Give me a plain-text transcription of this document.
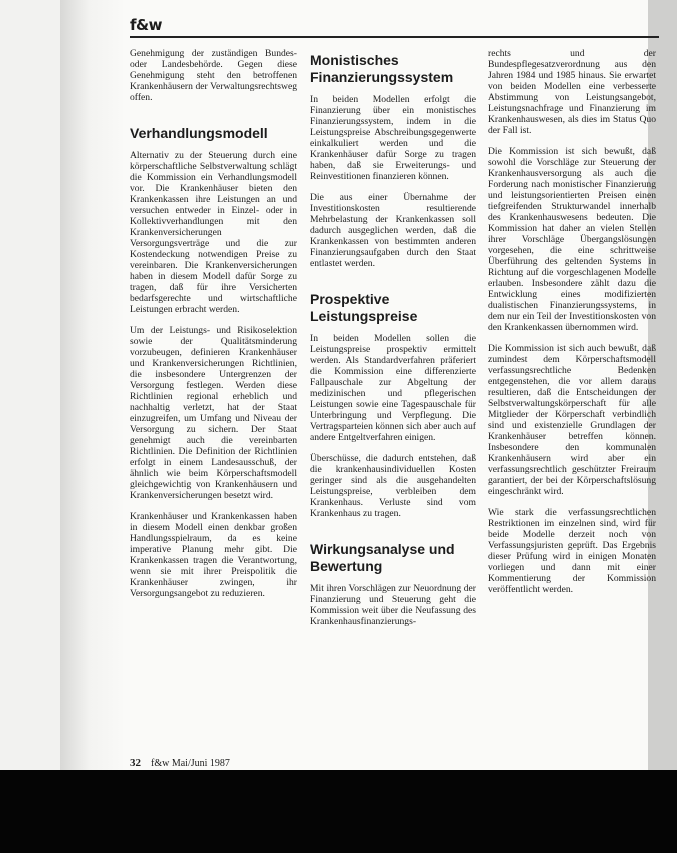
f&w

Genehmigung der zuständigen Bundes- oder Landesbehörde. Gegen diese Genehmigung steht den betroffenen Krankenhäusern der Verwaltungsrechtsweg offen.

Verhandlungsmodell

Alternativ zu der Steuerung durch eine körperschaftliche Selbstverwaltung schlägt die Kommission ein Verhandlungsmodell vor. Die Krankenhäuser bieten den Krankenkassen ihre Leistungen an und versuchen entweder in Einzel- oder in Kollektivverhandlungen mit den Krankenversicherungen Versorgungsverträge und die zur Kostendeckung notwendigen Preise zu vereinbaren. Die Krankenversicherungen haben in diesem Modell dafür Sorge zu tragen, daß für ihre Versicherten bedarfsgerechte und wirtschaftliche Leistungen erbracht werden.

Um der Leistungs- und Risikoselektion sowie der Qualitätsminderung vorzubeugen, definieren Krankenhäuser und Krankenversicherungen Richtlinien, die insbesondere Untergrenzen der Versorgung festlegen. Werden diese Richtlinien regional erheblich und nachhaltig verletzt, hat der Staat einzugreifen, um Umfang und Niveau der Versorgung zu sichern. Der Staat genehmigt auch die vereinbarten Richtlinien. Die Definition der Richtlinien erfolgt in einem Landesausschuß, der ähnlich wie beim Körperschaftsmodell gleichgewichtig von Krankenhäusern und Krankenversicherungen besetzt wird.

Krankenhäuser und Krankenkassen haben in diesem Modell einen denkbar großen Handlungsspielraum, da es keine imperative Planung mehr gibt. Die Krankenkassen tragen die Verantwortung, wenn sie mit ihrer Preispolitik die Krankenhäuser zwingen, ihr Versorgungsangebot zu reduzieren.

Monistisches Finanzierungssystem

In beiden Modellen erfolgt die Finanzierung über ein monistisches Finanzierungssystem, indem in die Leistungspreise Abschreibungsgegenwerte einkalkuliert werden und die Krankenhäuser dafür Sorge zu tragen haben, daß sie Erweiterungs- und Reinvestitionen finanzieren können.

Die aus einer Übernahme der Investitionskosten resultierende Mehrbelastung der Krankenkassen soll dadurch ausgeglichen werden, daß die Krankenkassen von bestimmten anderen Finanzierungsaufgaben durch den Staat entlastet werden.

Prospektive Leistungspreise

In beiden Modellen sollen die Leistungspreise prospektiv ermittelt werden. Als Standardverfahren präferiert die Kommission eine differenzierte Fallpauschale zur Abgeltung der medizinischen und pflegerischen Leistungen sowie eine Tagespauschale für Unterbringung und Verpflegung. Die Vertragsparteien können sich aber auch auf andere Entgeltverfahren einigen.

Überschüsse, die dadurch entstehen, daß die krankenhausindividuellen Kosten geringer sind als die ausgehandelten Leistungspreise, verbleiben dem Krankenhaus. Verluste sind vom Krankenhaus zu tragen.

Wirkungsanalyse und Bewertung

Mit ihren Vorschlägen zur Neuordnung der Finanzierung und Steuerung geht die Kommission weit über die Neufassung des Krankenhausfinanzierungs-

rechts und der Bundespflegesatzverordnung aus den Jahren 1984 und 1985 hinaus. Sie erwartet von beiden Modellen eine verbesserte Abstimmung von Leistungsangebot, Leistungsnachfrage und Finanzierung im Krankenhauswesen, als dies im Status Quo der Fall ist.

Die Kommission ist sich bewußt, daß sowohl die Vorschläge zur Steuerung der Krankenhausversorgung als auch die Forderung nach monistischer Finanzierung und leistungsorientierten Preisen einen tiefgreifenden Strukturwandel innerhalb des Krankenhauswesens bedeuten. Die Kommission hat daher an vielen Stellen ihrer Vorschläge Übergangslösungen vorgesehen, die eine schrittweise Überführung des geltenden Systems in Richtung auf die vorgeschlagenen Modelle erlauben. Insbesondere zählt dazu die Entwicklung eines modifizierten dualistischen Finanzierungssystems, in dem nur ein Teil der Investitionskosten von den Krankenkassen übernommen wird.

Die Kommission ist sich auch bewußt, daß zumindest dem Körperschaftsmodell verfassungsrechtliche Bedenken entgegenstehen, die vor allem daraus resultieren, daß die Entscheidungen der Selbstverwaltungskörperschaft für alle Mitglieder der Körperschaft verbindlich sind und existenzielle Grundlagen der Krankenhäuser betreffen können. Insbesondere den kommunalen Krankenhäusern wird aber ein verfassungsrechtlich geschützter Freiraum garantiert, der bei der Körperschaftslösung eingeschränkt wird.

Wie stark die verfassungsrechtlichen Restriktionen im einzelnen sind, wird für beide Modelle derzeit noch von Verfassungsjuristen geprüft. Das Ergebnis dieser Prüfung wird in einigen Monaten vorliegen und dann mit einer Kommentierung der Kommission veröffentlicht werden.

32 f&w Mai/Juni 1987
